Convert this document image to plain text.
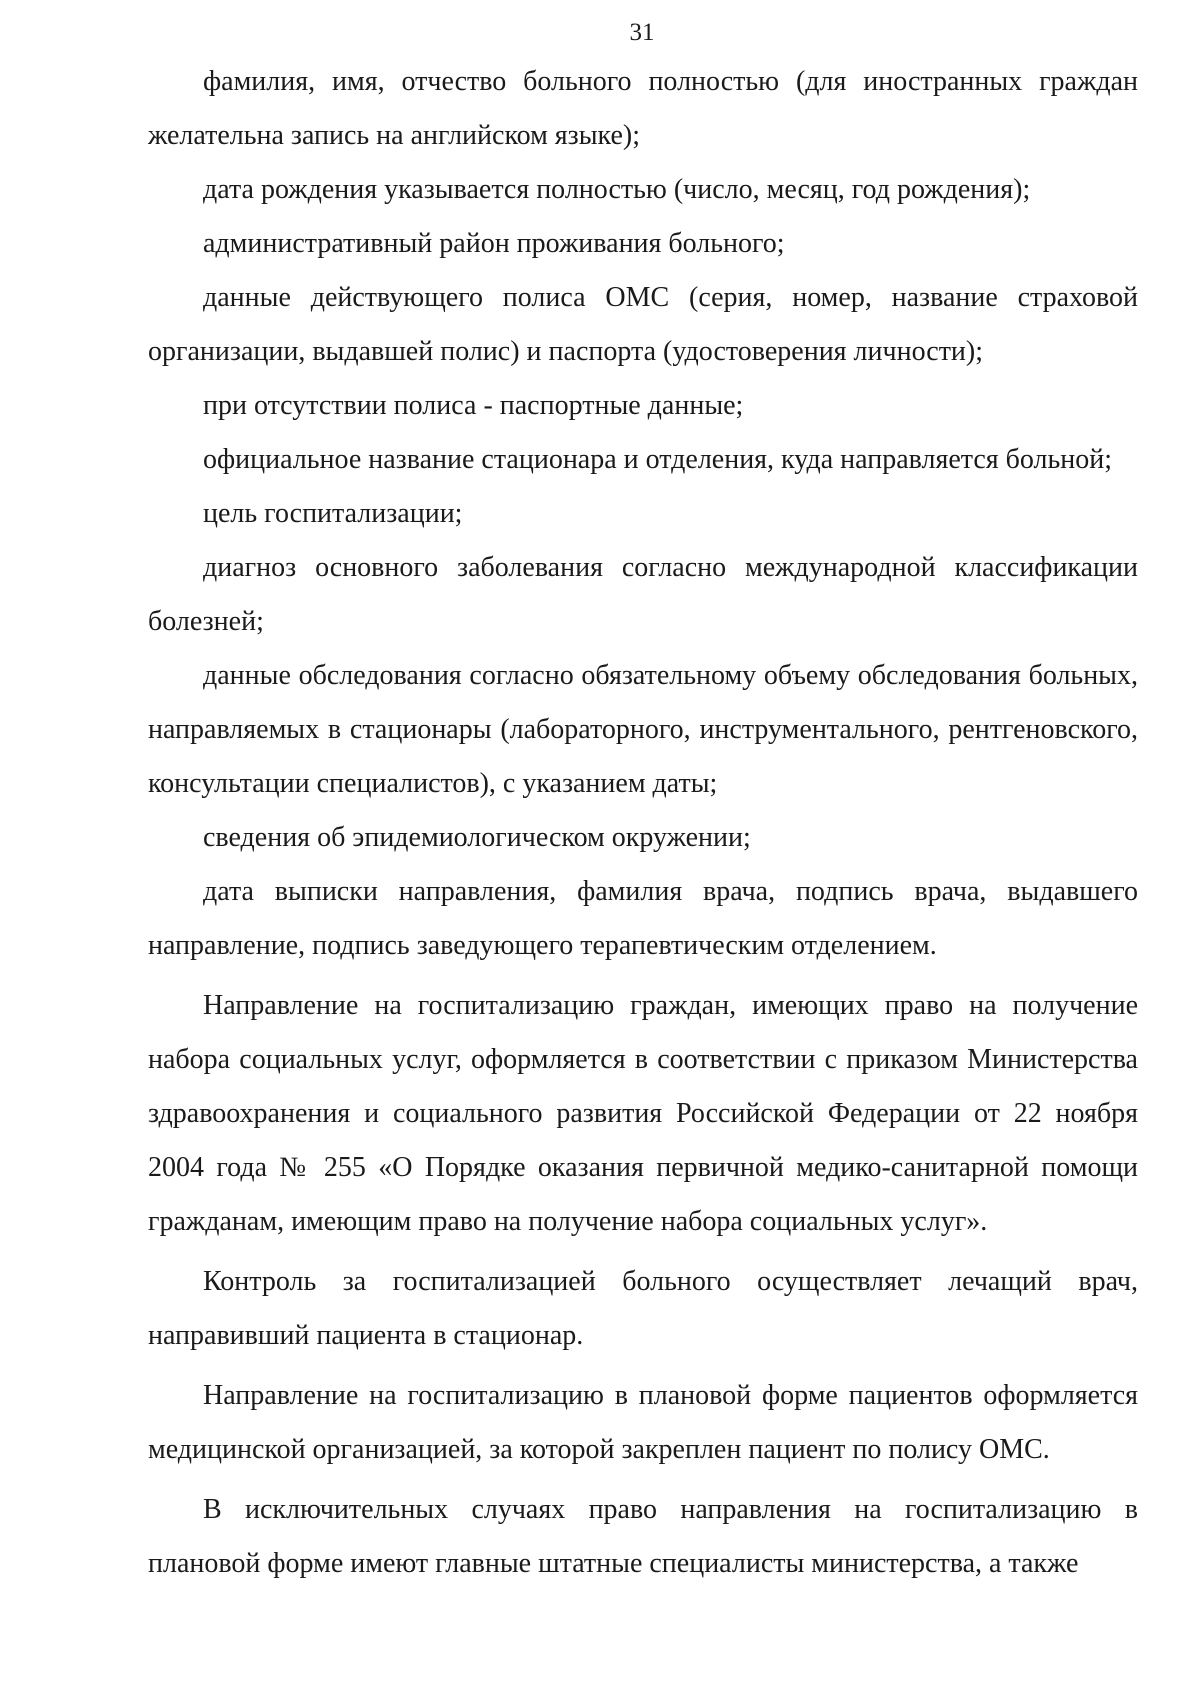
31

фамилия, имя, отчество больного полностью (для иностранных граждан желательна запись на английском языке);

дата рождения указывается полностью (число, месяц, год рождения);

административный район проживания больного;

данные действующего полиса ОМС (серия, номер, название страховой организации, выдавшей полис) и паспорта (удостоверения личности);

при отсутствии полиса - паспортные данные;

официальное название стационара и отделения, куда направляется больной;

цель госпитализации;

диагноз основного заболевания согласно международной классификации болезней;

данные обследования согласно обязательному объему обследования больных, направляемых в стационары (лабораторного, инструментального, рентгеновского, консультации специалистов), с указанием даты;

сведения об эпидемиологическом окружении;

дата выписки направления, фамилия врача, подпись врача, выдавшего направление, подпись заведующего терапевтическим отделением.

Направление на госпитализацию граждан, имеющих право на получение набора социальных услуг, оформляется в соответствии с приказом Министерства здравоохранения и социального развития Российской Федерации от 22 ноября 2004 года № 255 «О Порядке оказания первичной медико-санитарной помощи гражданам, имеющим право на получение набора социальных услуг».

Контроль за госпитализацией больного осуществляет лечащий врач, направивший пациента в стационар.

Направление на госпитализацию в плановой форме пациентов оформляется медицинской организацией, за которой закреплен пациент по полису ОМС.

В исключительных случаях право направления на госпитализацию в плановой форме имеют главные штатные специалисты министерства, а также
